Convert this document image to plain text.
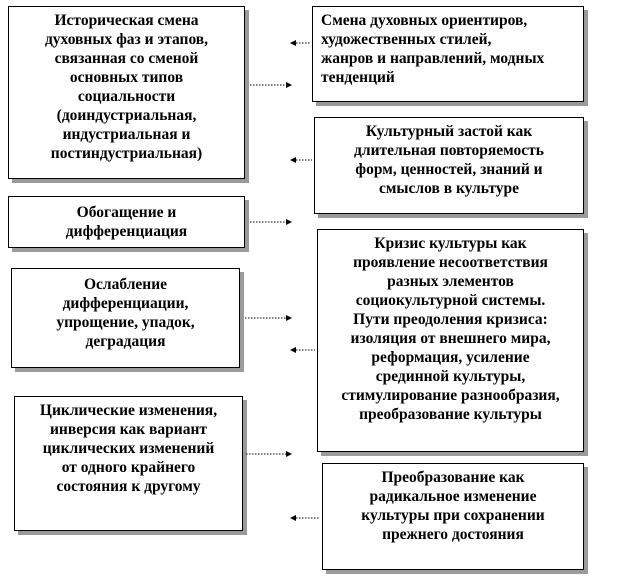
Историческая смена
духовных фаз и этапов,
связанная со сменой
основных типов
социальности
(доиндустриальная,
индустриальная и
постиндустриальная)
Обогащение и
дифференциация
Ослабление
дифференциации,
упрощение, упадок,
деградация
Циклические изменения,
инверсия как вариант
циклических изменений
от одного крайнего
состояния к другому
Смена духовных ориентиров,
художественных стилей,
жанров и направлений, модных
тенденций
Культурный застой как
длительная повторяемость
форм, ценностей, знаний и
смыслов в культуре
Кризис культуры как
проявление несоответствия
разных элементов
социокультурной системы.
Пути преодоления кризиса:
изоляция от внешнего мира,
реформация, усиление
срединной культуры,
стимулирование разнообразия,
преобразование культуры
Преобразование как
радикальное изменение
культуры при сохранении
прежнего достояния
